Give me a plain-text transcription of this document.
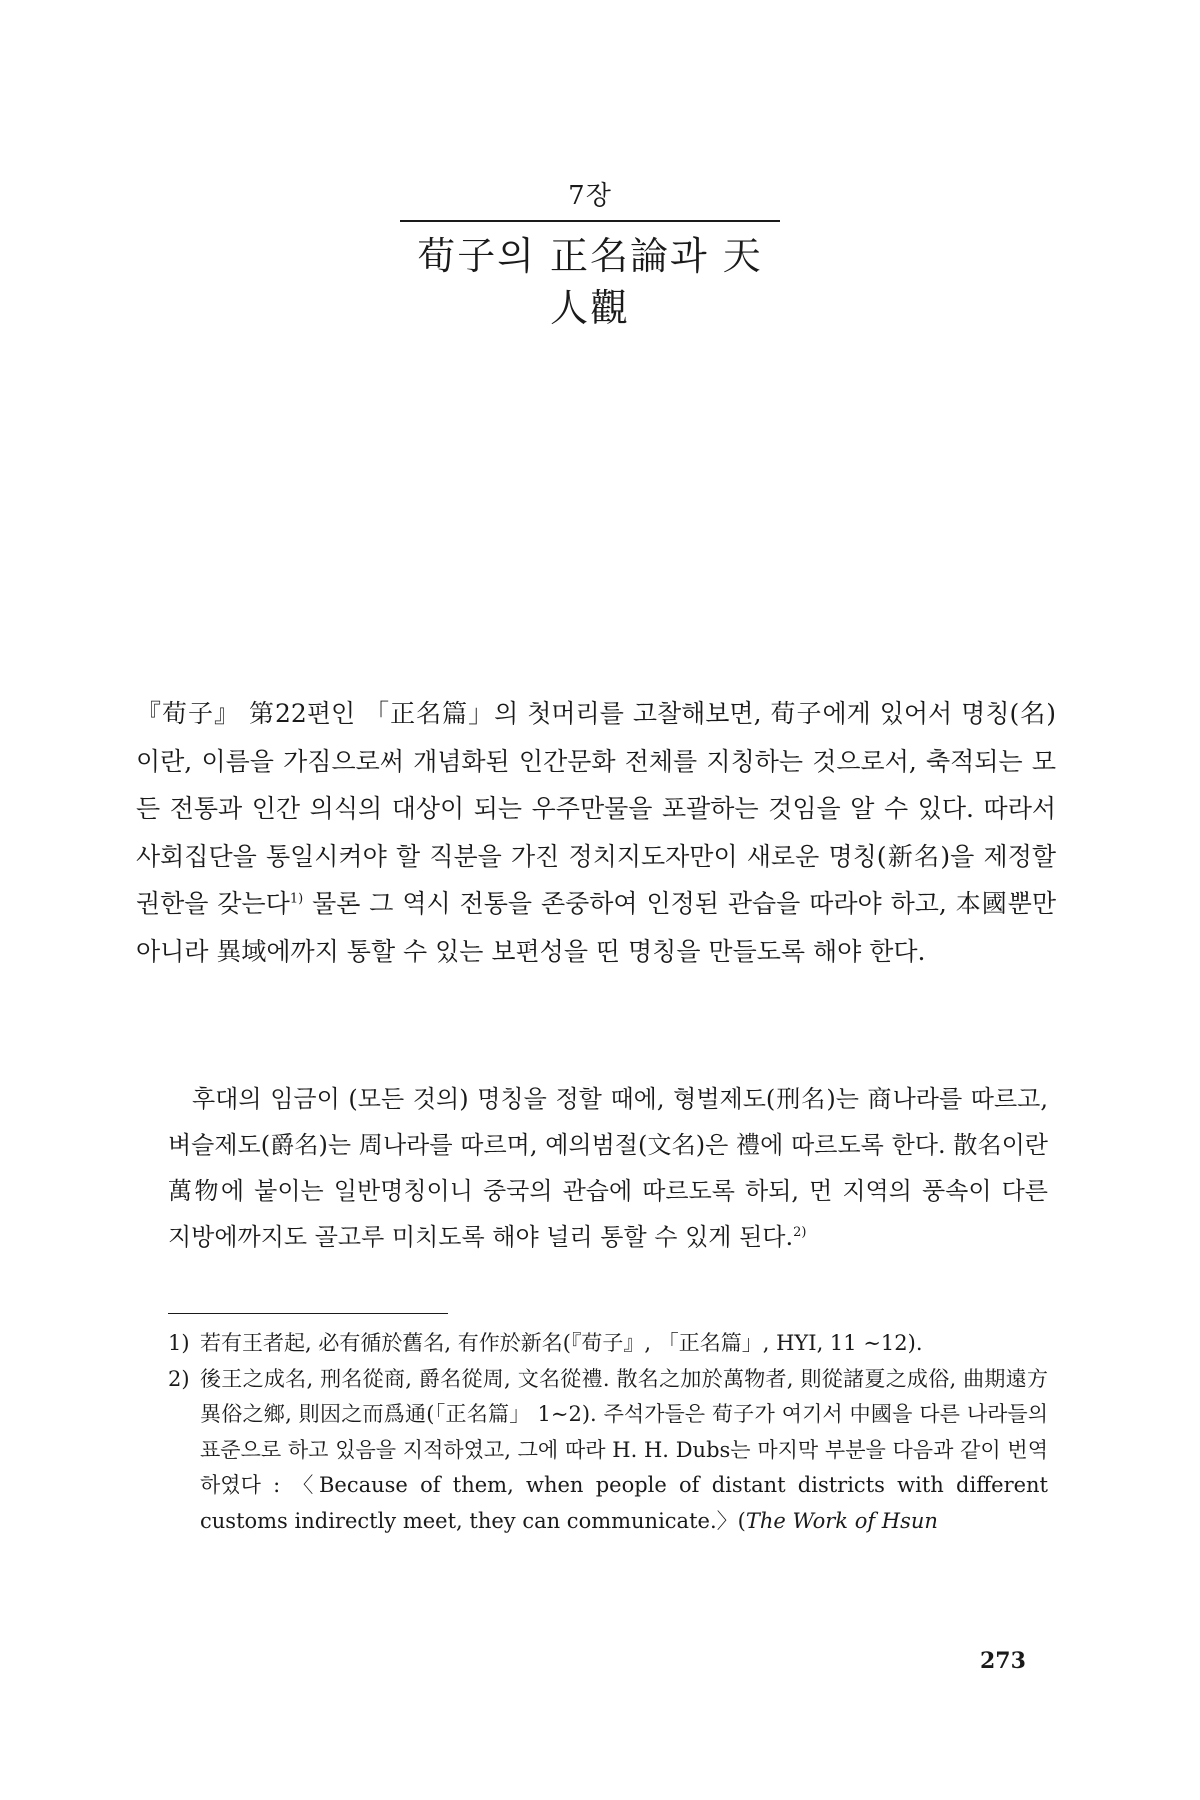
7장
荀子의 正名論과 天人觀

『荀子』 第22편인 「正名篇」의 첫머리를 고찰해보면, 荀子에게 있어서 명칭(名)이란, 이름을 가짐으로써 개념화된 인간문화 전체를 지칭하는 것으로서, 축적되는 모든 전통과 인간 의식의 대상이 되는 우주만물을 포괄하는 것임을 알 수 있다. 따라서 사회집단을 통일시켜야 할 직분을 가진 정치지도자만이 새로운 명칭(新名)을 제정할 권한을 갖는다$^{1)}$ 물론 그 역시 전통을 존중하여 인정된 관습을 따라야 하고, 本國뿐만 아니라 異域에까지 통할 수 있는 보편성을 띤 명칭을 만들도록 해야 한다.

후대의 임금이 (모든 것의) 명칭을 정할 때에, 형벌제도(刑名)는 商나라를 따르고, 벼슬제도(爵名)는 周나라를 따르며, 예의범절(文名)은 禮에 따르도록 한다. 散名이란 萬物에 붙이는 일반명칭이니 중국의 관습에 따르도록 하되, 먼 지역의 풍속이 다른 지방에까지도 골고루 미치도록 해야 널리 통할 수 있게 된다.$^{2)}$

1) 若有王者起, 必有循於舊名, 有作於新名(『荀子』, 「正名篇」, HYI, 11 ∼12).
2) 後王之成名, 刑名從商, 爵名從周, 文名從禮. 散名之加於萬物者, 則從諸夏之成俗, 曲期遠方異俗之鄉, 則因之而爲通(「正名篇」 1∼2). 주석가들은 荀子가 여기서 中國을 다른 나라들의 표준으로 하고 있음을 지적하였고, 그에 따라 H. H. Dubs는 마지막 부분을 다음과 같이 번역하였다 : 〈Because of them, when people of distant districts with different customs indirectly meet, they can communicate.〉(The Work of Hsun
273
